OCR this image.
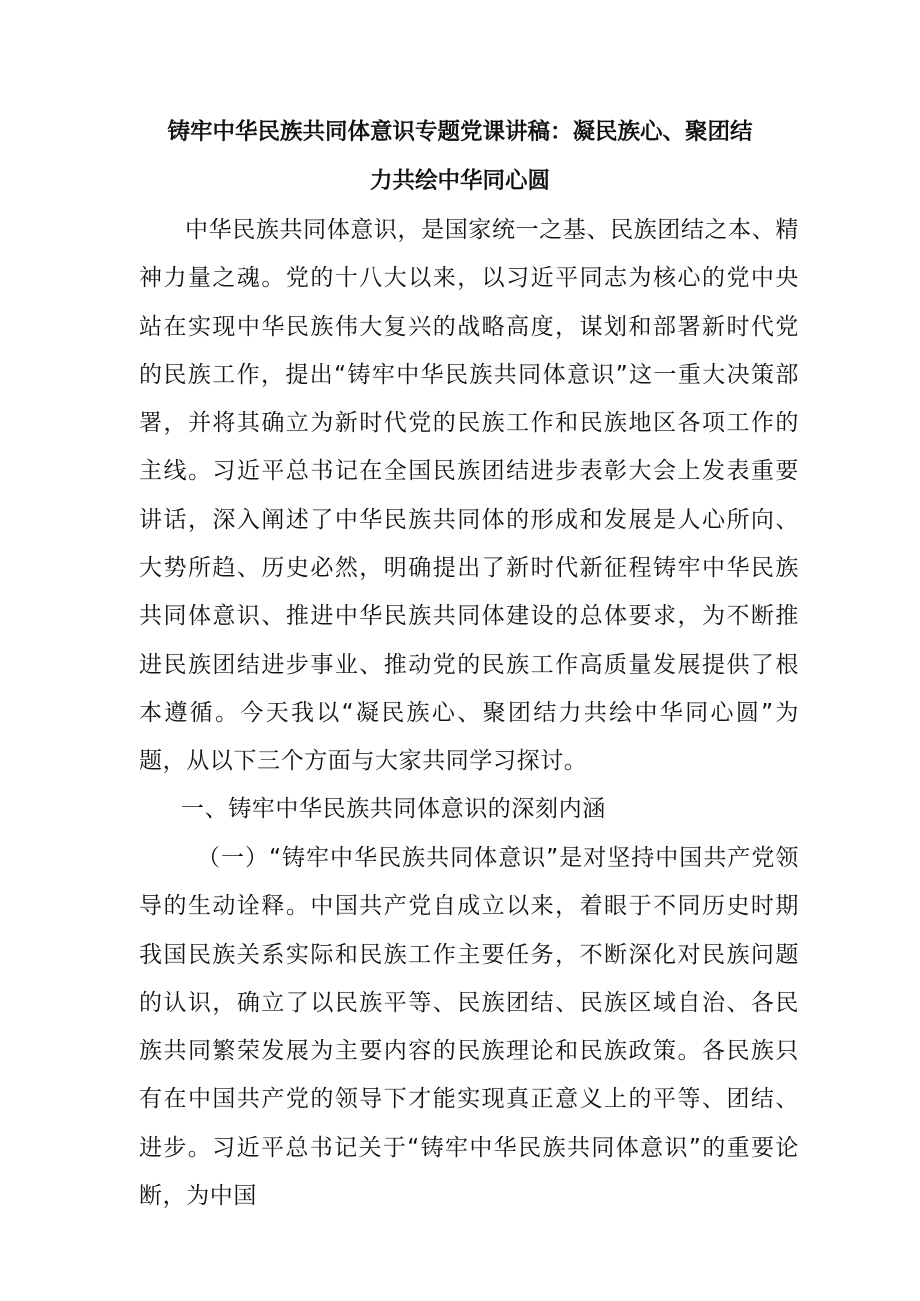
铸牢中华民族共同体意识专题党课讲稿：凝民族心、聚团结
力共绘中华同心圆

中华民族共同体意识，是国家统一之基、民族团结之本、精神力量之魂。党的十八大以来，以习近平同志为核心的党中央站在实现中华民族伟大复兴的战略高度，谋划和部署新时代党的民族工作，提出“铸牢中华民族共同体意识”这一重大决策部署，并将其确立为新时代党的民族工作和民族地区各项工作的主线。习近平总书记在全国民族团结进步表彰大会上发表重要讲话，深入阐述了中华民族共同体的形成和发展是人心所向、大势所趋、历史必然，明确提出了新时代新征程铸牢中华民族共同体意识、推进中华民族共同体建设的总体要求，为不断推进民族团结进步事业、推动党的民族工作高质量发展提供了根本遵循。今天我以“凝民族心、聚团结力共绘中华同心圆”为题，从以下三个方面与大家共同学习探讨。

一、铸牢中华民族共同体意识的深刻内涵

（一）“铸牢中华民族共同体意识”是对坚持中国共产党领导的生动诠释。中国共产党自成立以来，着眼于不同历史时期我国民族关系实际和民族工作主要任务，不断深化对民族问题的认识，确立了以民族平等、民族团结、民族区域自治、各民族共同繁荣发展为主要内容的民族理论和民族政策。各民族只有在中国共产党的领导下才能实现真正意义上的平等、团结、进步。习近平总书记关于“铸牢中华民族共同体意识”的重要论断，为中国
